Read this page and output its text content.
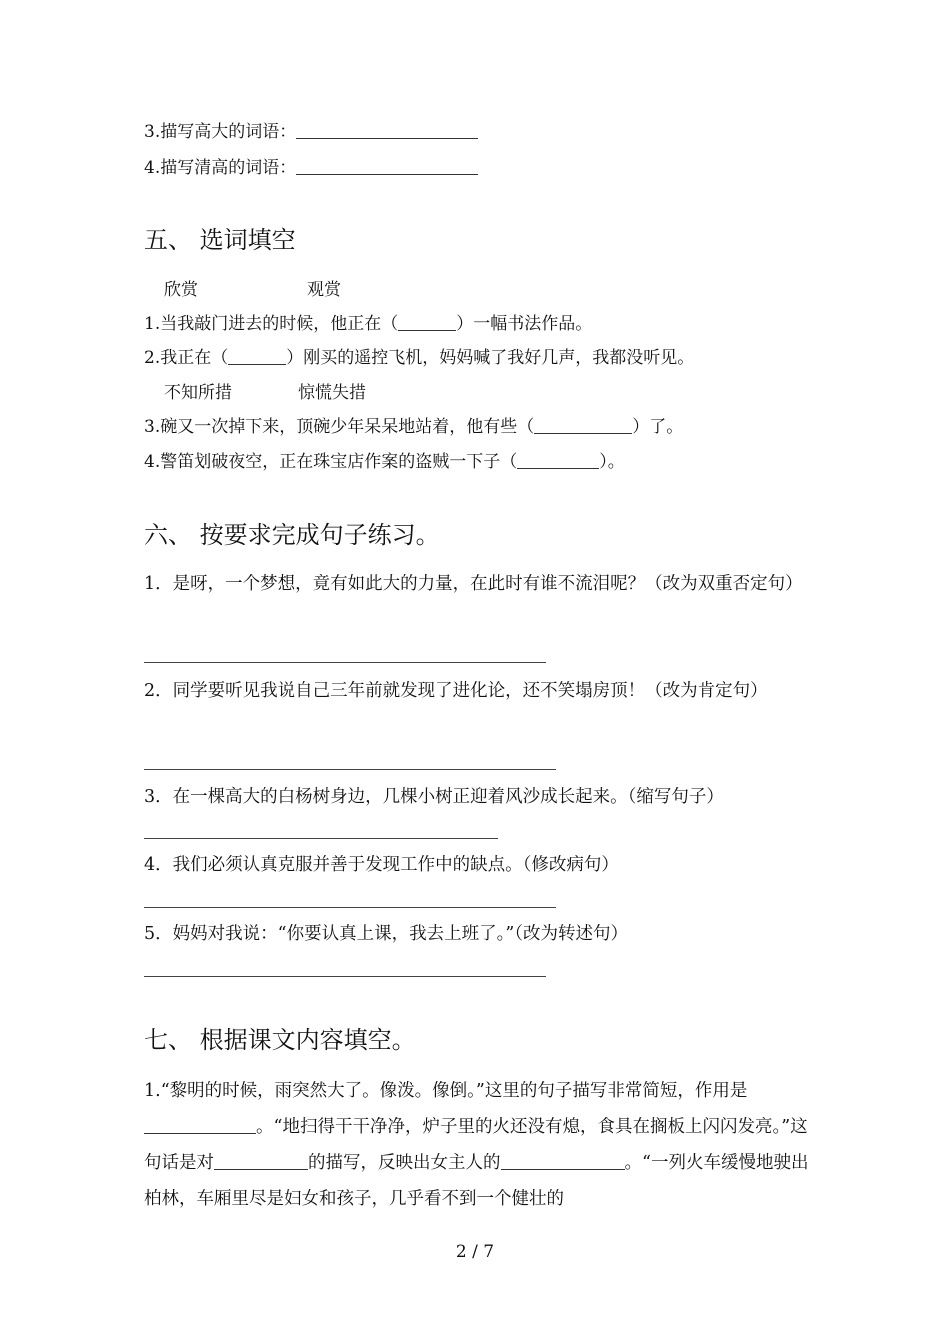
3.描写高大的词语：
4.描写清高的词语：
五、 选词填空
欣赏	观赏
1.当我敲门进去的时候，他正在（	）一幅书法作品。
2.我正在（	）刚买的遥控飞机，妈妈喊了我好几声，我都没听见。
不知所措	惊慌失措
3.碗又一次掉下来，顶碗少年呆呆地站着，他有些（	）了。
4.警笛划破夜空，正在珠宝店作案的盗贼一下子（	）。
六、 按要求完成句子练习。
1．是呀，一个梦想，竟有如此大的力量，在此时有谁不流泪呢？（改为双重否定句）
2．同学要听见我说自己三年前就发现了进化论，还不笑塌房顶！（改为肯定句）
3．在一棵高大的白杨树身边，几棵小树正迎着风沙成长起来。（缩写句子）
4．我们必须认真克服并善于发现工作中的缺点。（修改病句）
5．妈妈对我说：“你要认真上课，我去上班了。”（改为转述句）
七、 根据课文内容填空。
1.“黎明的时候，雨突然大了。像泼。像倒。”这里的句子描写非常简短，作用是。“地扫得干干净净，炉子里的火还没有熄，食具在搁板上闪闪发亮。”这句话是对	的描写，反映出女主人的	。“一列火车缓慢地驶出柏林，车厢里尽是妇女和孩子，几乎看不到一个健壮的
2 / 7
